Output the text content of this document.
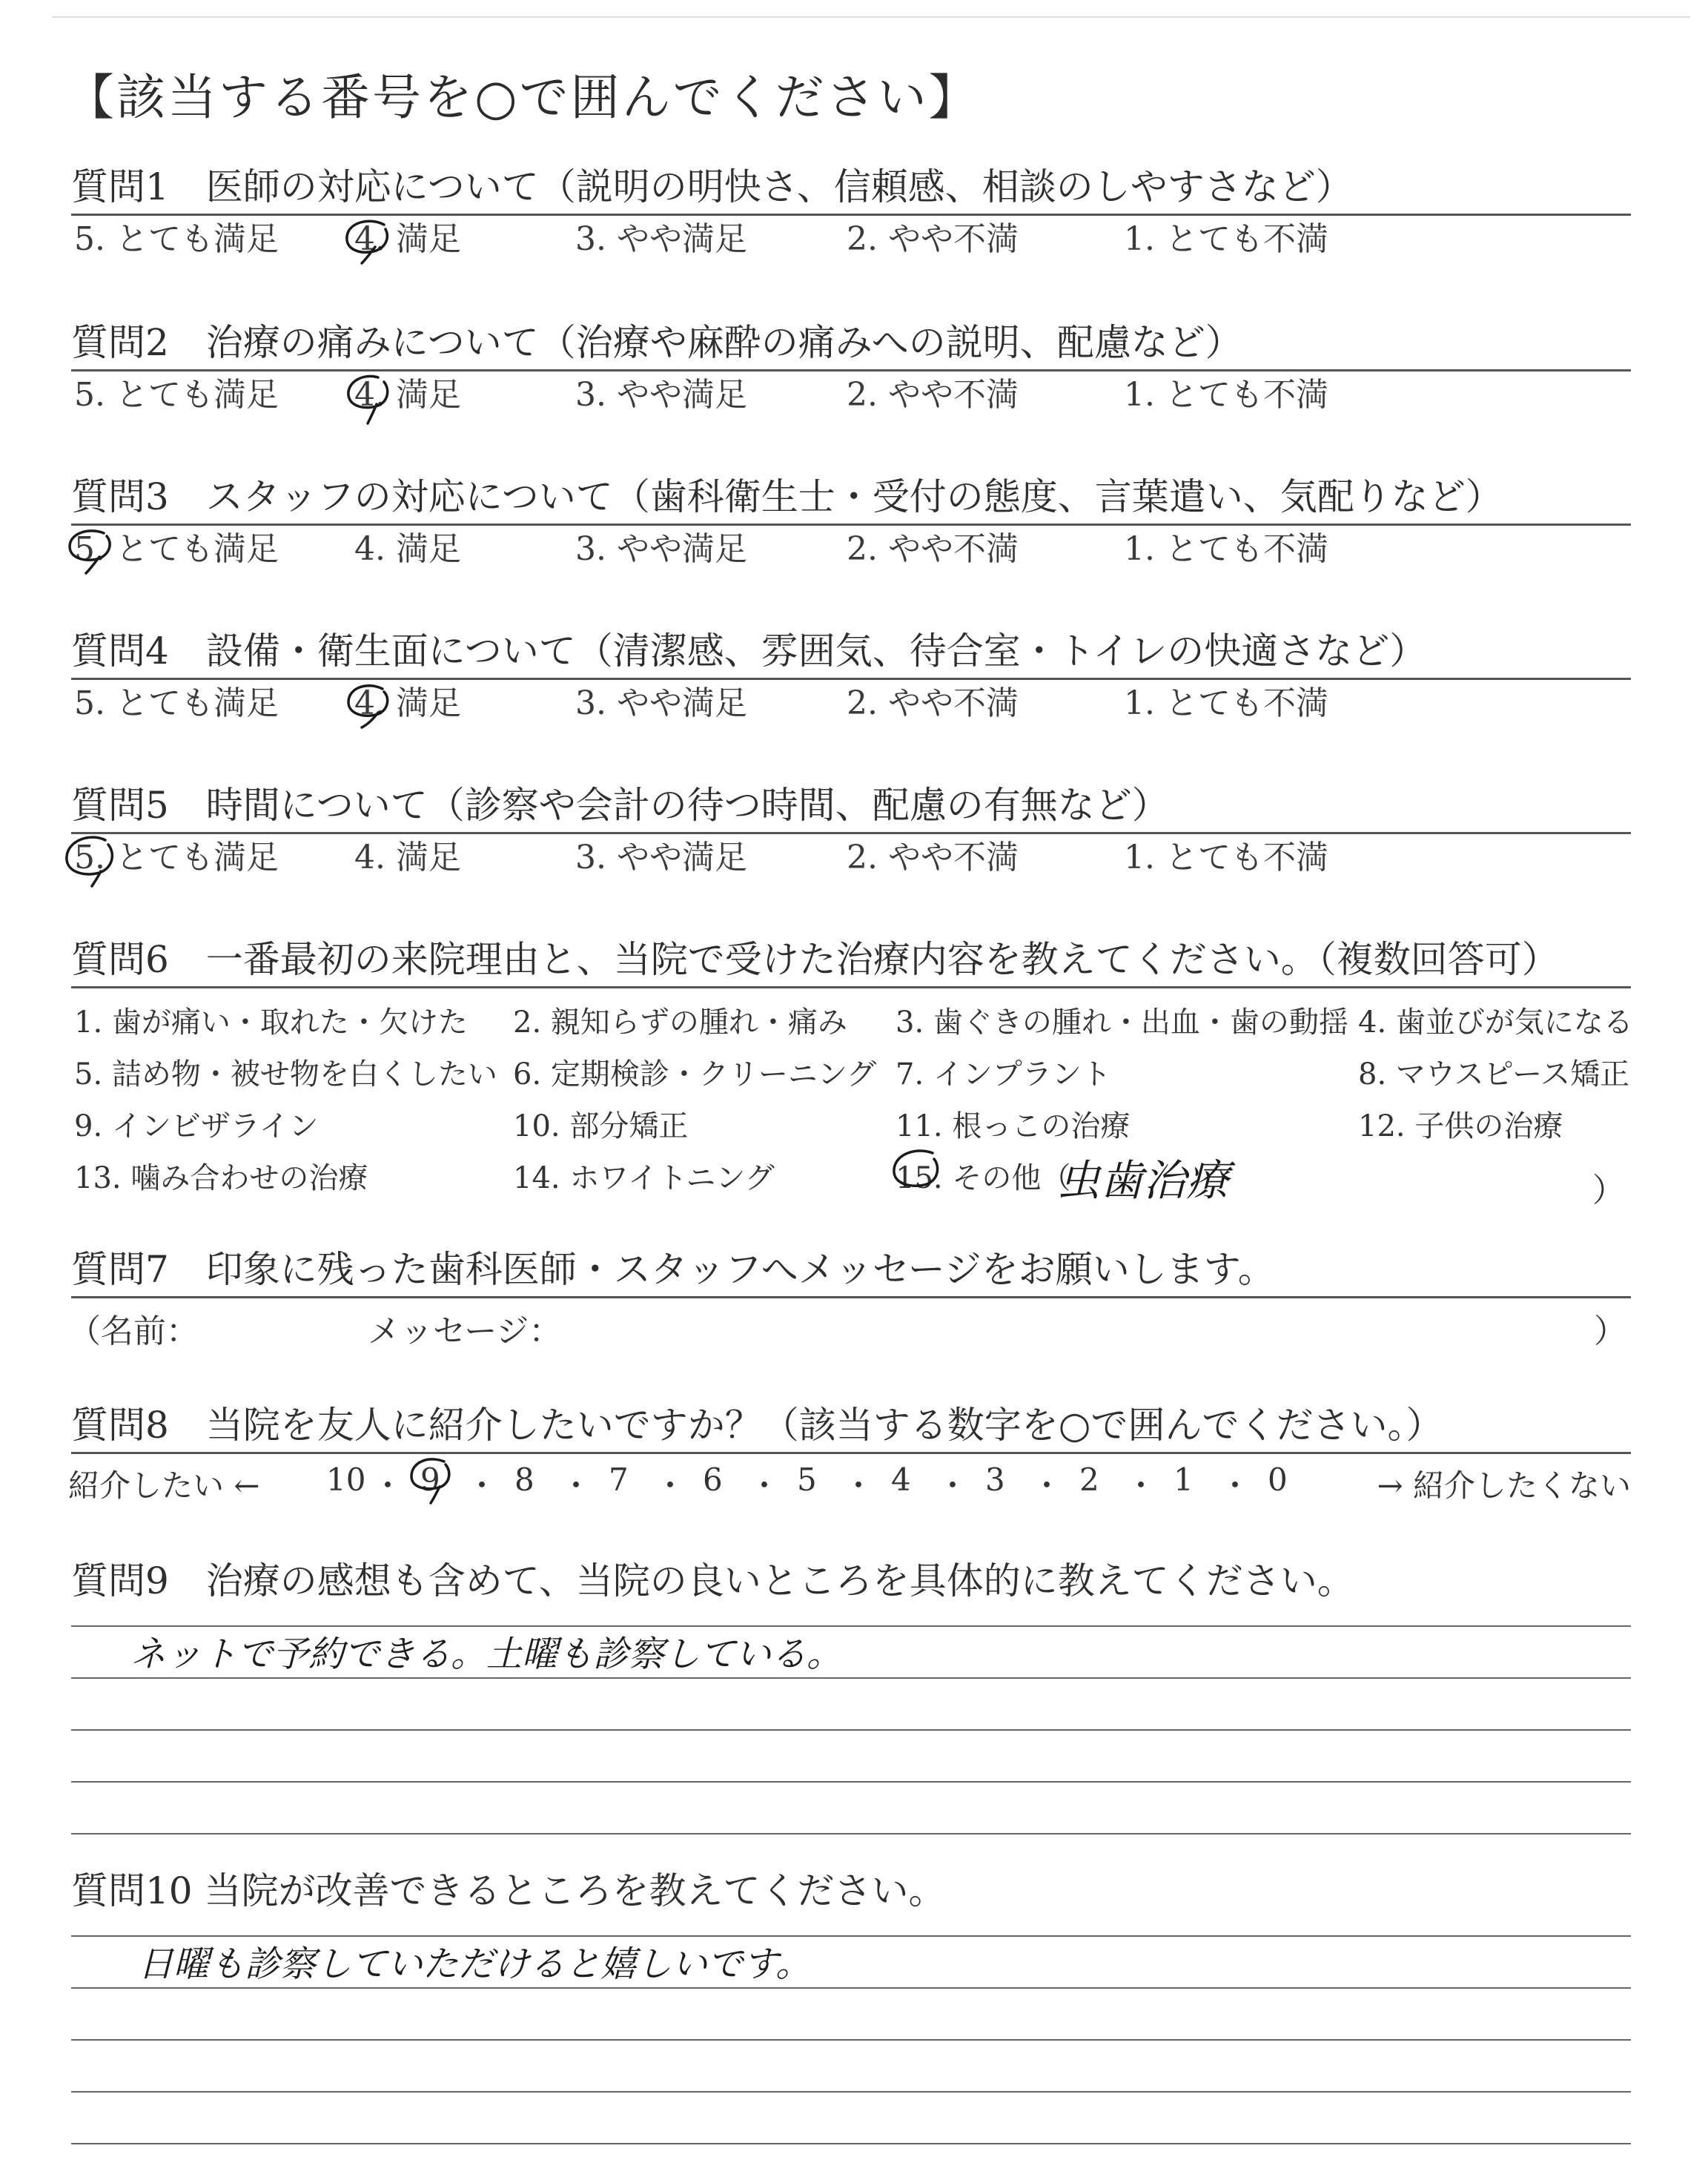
【該当する番号を○で囲んでください】
質問1　医師の対応について（説明の明快さ、信頼感、相談のしやすさなど）
5. とても満足 4. 満足	3. やや満足	2. やや不満	1. とても不満
質問2　治療の痛みについて（治療や麻酔の痛みへの説明、配慮など）
5. とても満足 4. 満足	3. やや満足	2. やや不満	1. とても不満
質問3　スタッフの対応について（歯科衛生士・受付の態度、言葉遣い、気配りなど）
5. とても満足 4. 満足	3. やや満足	2. やや不満	1. とても不満
質問4　設備・衛生面について（清潔感、雰囲気、待合室・トイレの快適さなど）
5. とても満足 4. 満足	3. やや満足	2. やや不満	1. とても不満
質問5　時間について（診察や会計の待つ時間、配慮の有無など）
5. とても満足 4. 満足	3. やや満足	2. やや不満	1. とても不満
質問6　一番最初の来院理由と、当院で受けた治療内容を教えてください。（複数回答可）
1. 歯が痛い・取れた・欠けた 2. 親知らずの腫れ・痛み 3. 歯ぐきの腫れ・出血・歯の動揺 4. 歯並びが気になる
5. 詰め物・被せ物を白くしたい 6. 定期検診・クリーニング 7. インプラント	8. マウスピース矯正
9. インビザライン	10. 部分矯正	11. 根っこの治療	12. 子供の治療
13. 噛み合わせの治療	14. ホワイトニング	15. その他（
虫歯治療	）
質問7　印象に残った歯科医師・スタッフへメッセージをお願いします。
（名前：	メッセージ：	）
質問8　当院を友人に紹介したいですか？（該当する数字を○で囲んでください。）
紹介したい ←	→ 紹介したくない
10 ・ 9 ・ 8 ・ 7 ・ 6 ・ 5 ・ 4 ・ 3 ・ 2 ・ 1 ・ 0
質問9　治療の感想も含めて、当院の良いところを具体的に教えてください。
ネットで予約できる。土曜も診察している。
質問10 当院が改善できるところを教えてください。
日曜も診察していただけると嬉しいです。
